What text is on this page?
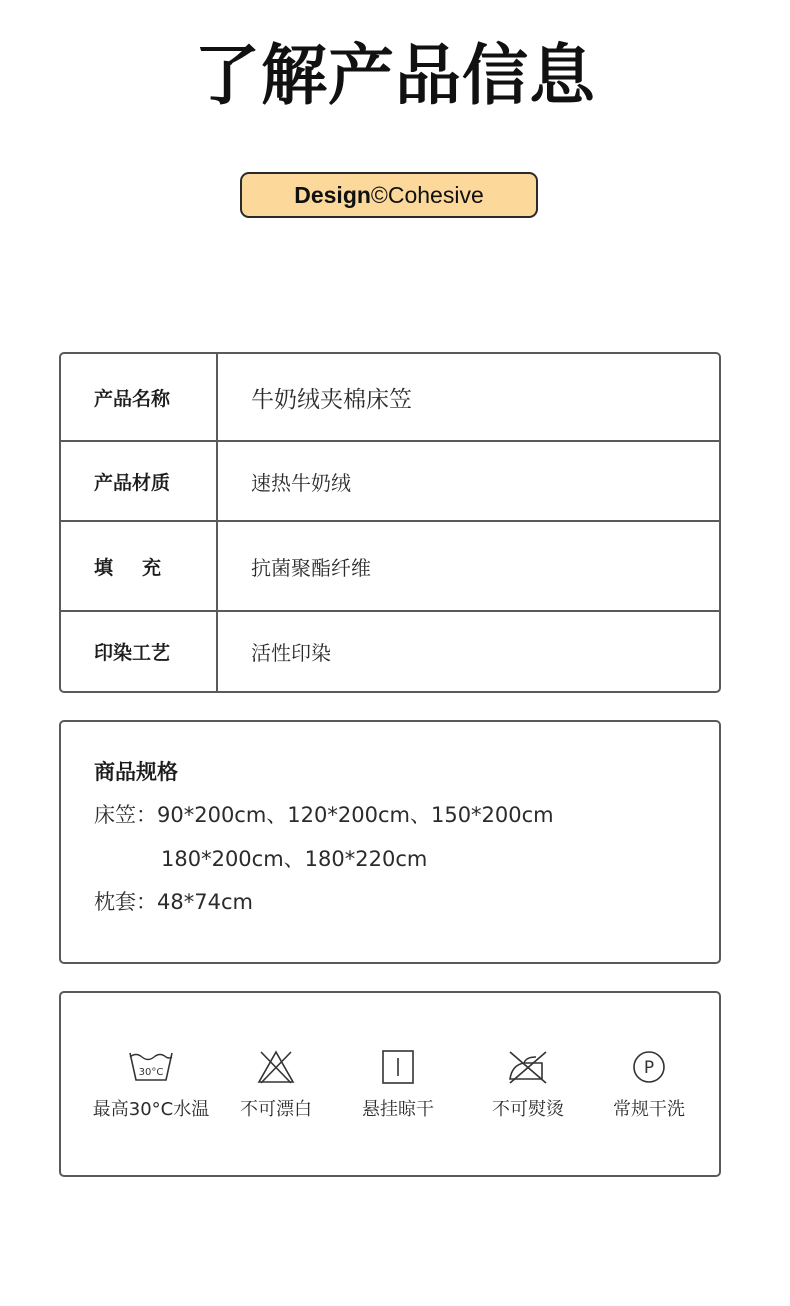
了解产品信息
Design ©Cohesive
产品名称	牛奶绒夹棉床笠
产品材质	速热牛奶绒
填充	抗菌聚酯纤维
印染工艺	活性印染
商品规格
床笠：90*200cm、120*200cm、150*200cm
180*200cm、180*220cm
枕套：48*74cm
30°C
最高30°C水温	不可漂白	悬挂晾干	不可熨烫
P
常规干洗
